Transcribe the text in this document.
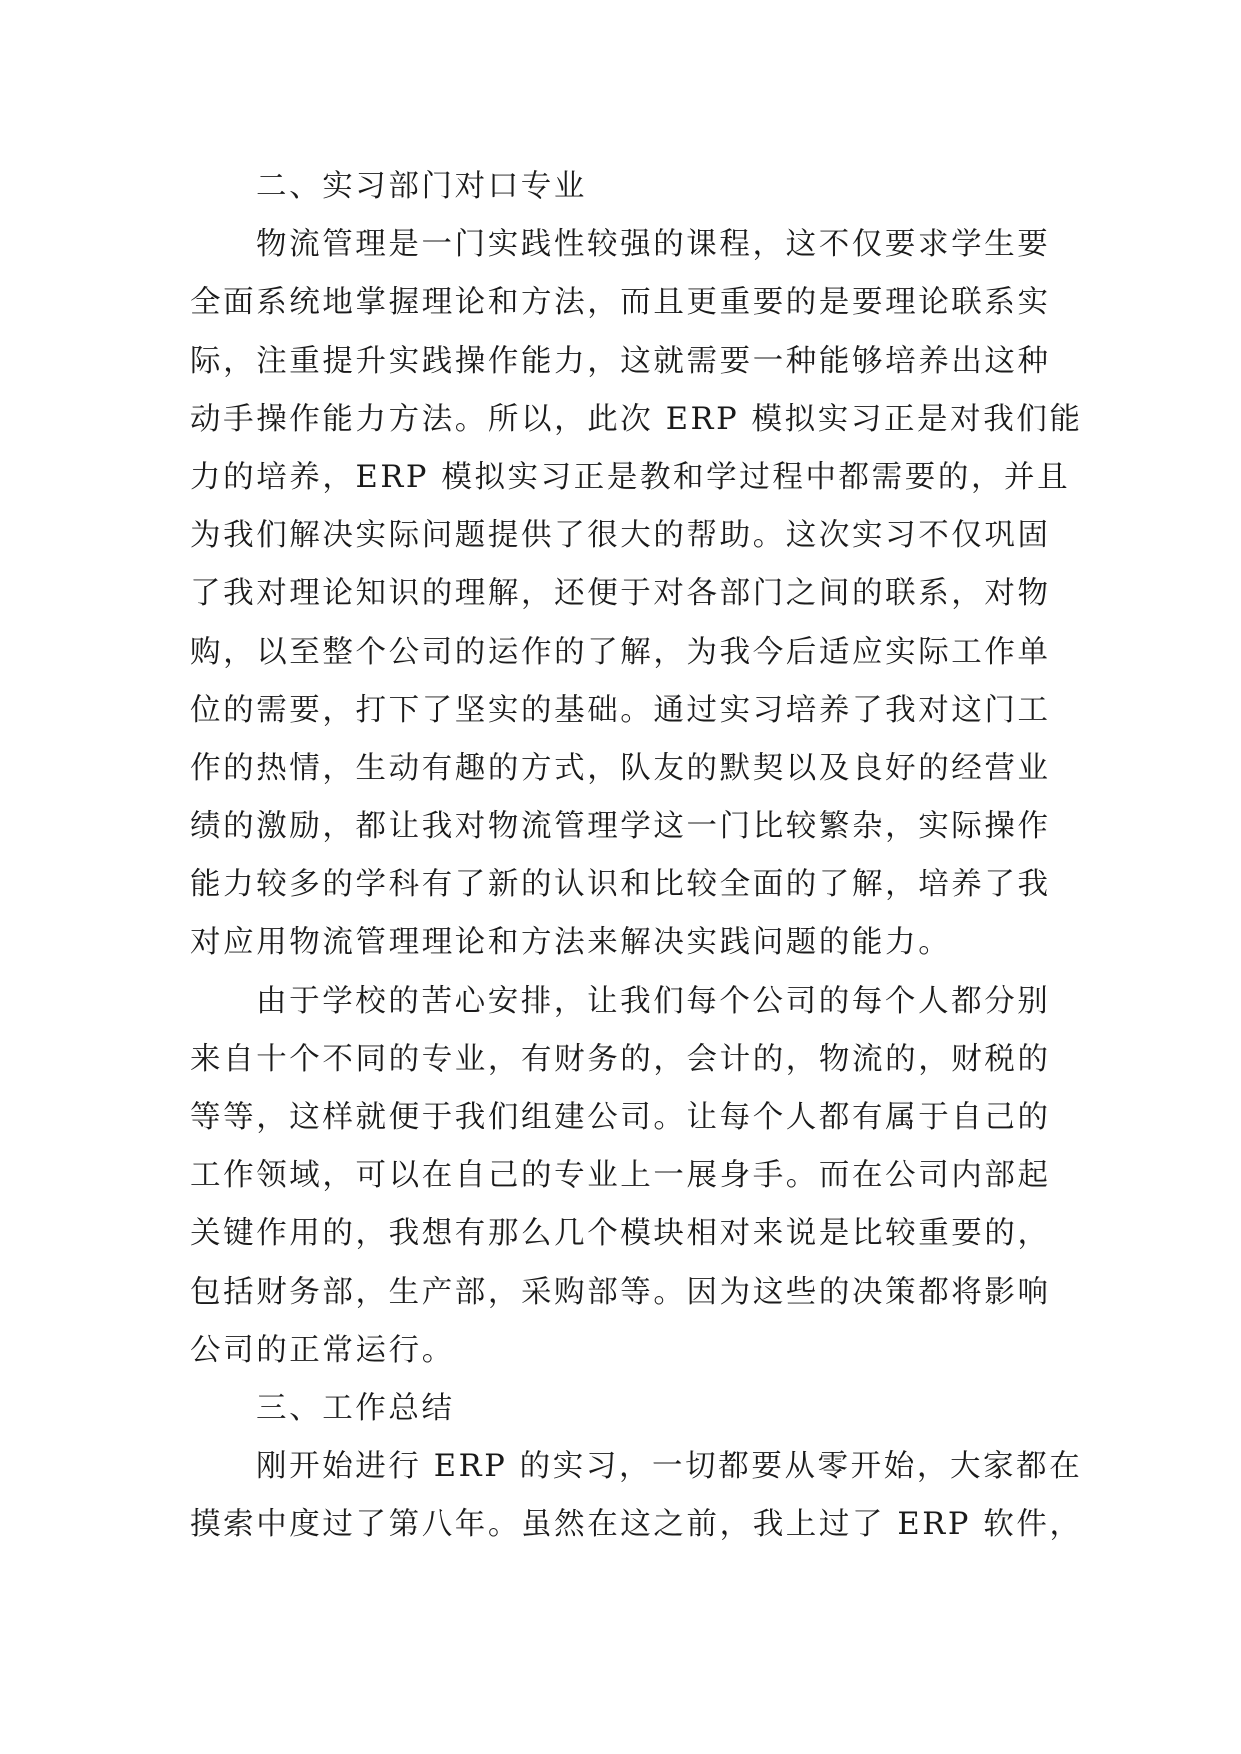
二、实习部门对口专业
物流管理是一门实践性较强的课程，这不仅要求学生要
全面系统地掌握理论和方法，而且更重要的是要理论联系实
际，注重提升实践操作能力，这就需要一种能够培养出这种
动手操作能力方法。所以，此次 ERP 模拟实习正是对我们能
力的培养，ERP 模拟实习正是教和学过程中都需要的，并且
为我们解决实际问题提供了很大的帮助。这次实习不仅巩固
了我对理论知识的理解，还便于对各部门之间的联系，对物
购，以至整个公司的运作的了解，为我今后适应实际工作单
位的需要，打下了坚实的基础。通过实习培养了我对这门工
作的热情，生动有趣的方式，队友的默契以及良好的经营业
绩的激励，都让我对物流管理学这一门比较繁杂，实际操作
能力较多的学科有了新的认识和比较全面的了解，培养了我
对应用物流管理理论和方法来解决实践问题的能力。
由于学校的苦心安排，让我们每个公司的每个人都分别
来自十个不同的专业，有财务的，会计的，物流的，财税的
等等，这样就便于我们组建公司。让每个人都有属于自己的
工作领域，可以在自己的专业上一展身手。而在公司内部起
关键作用的，我想有那么几个模块相对来说是比较重要的，
包括财务部，生产部，采购部等。因为这些的决策都将影响
公司的正常运行。
三、工作总结
刚开始进行 ERP 的实习，一切都要从零开始，大家都在
摸索中度过了第八年。虽然在这之前，我上过了 ERP 软件，
